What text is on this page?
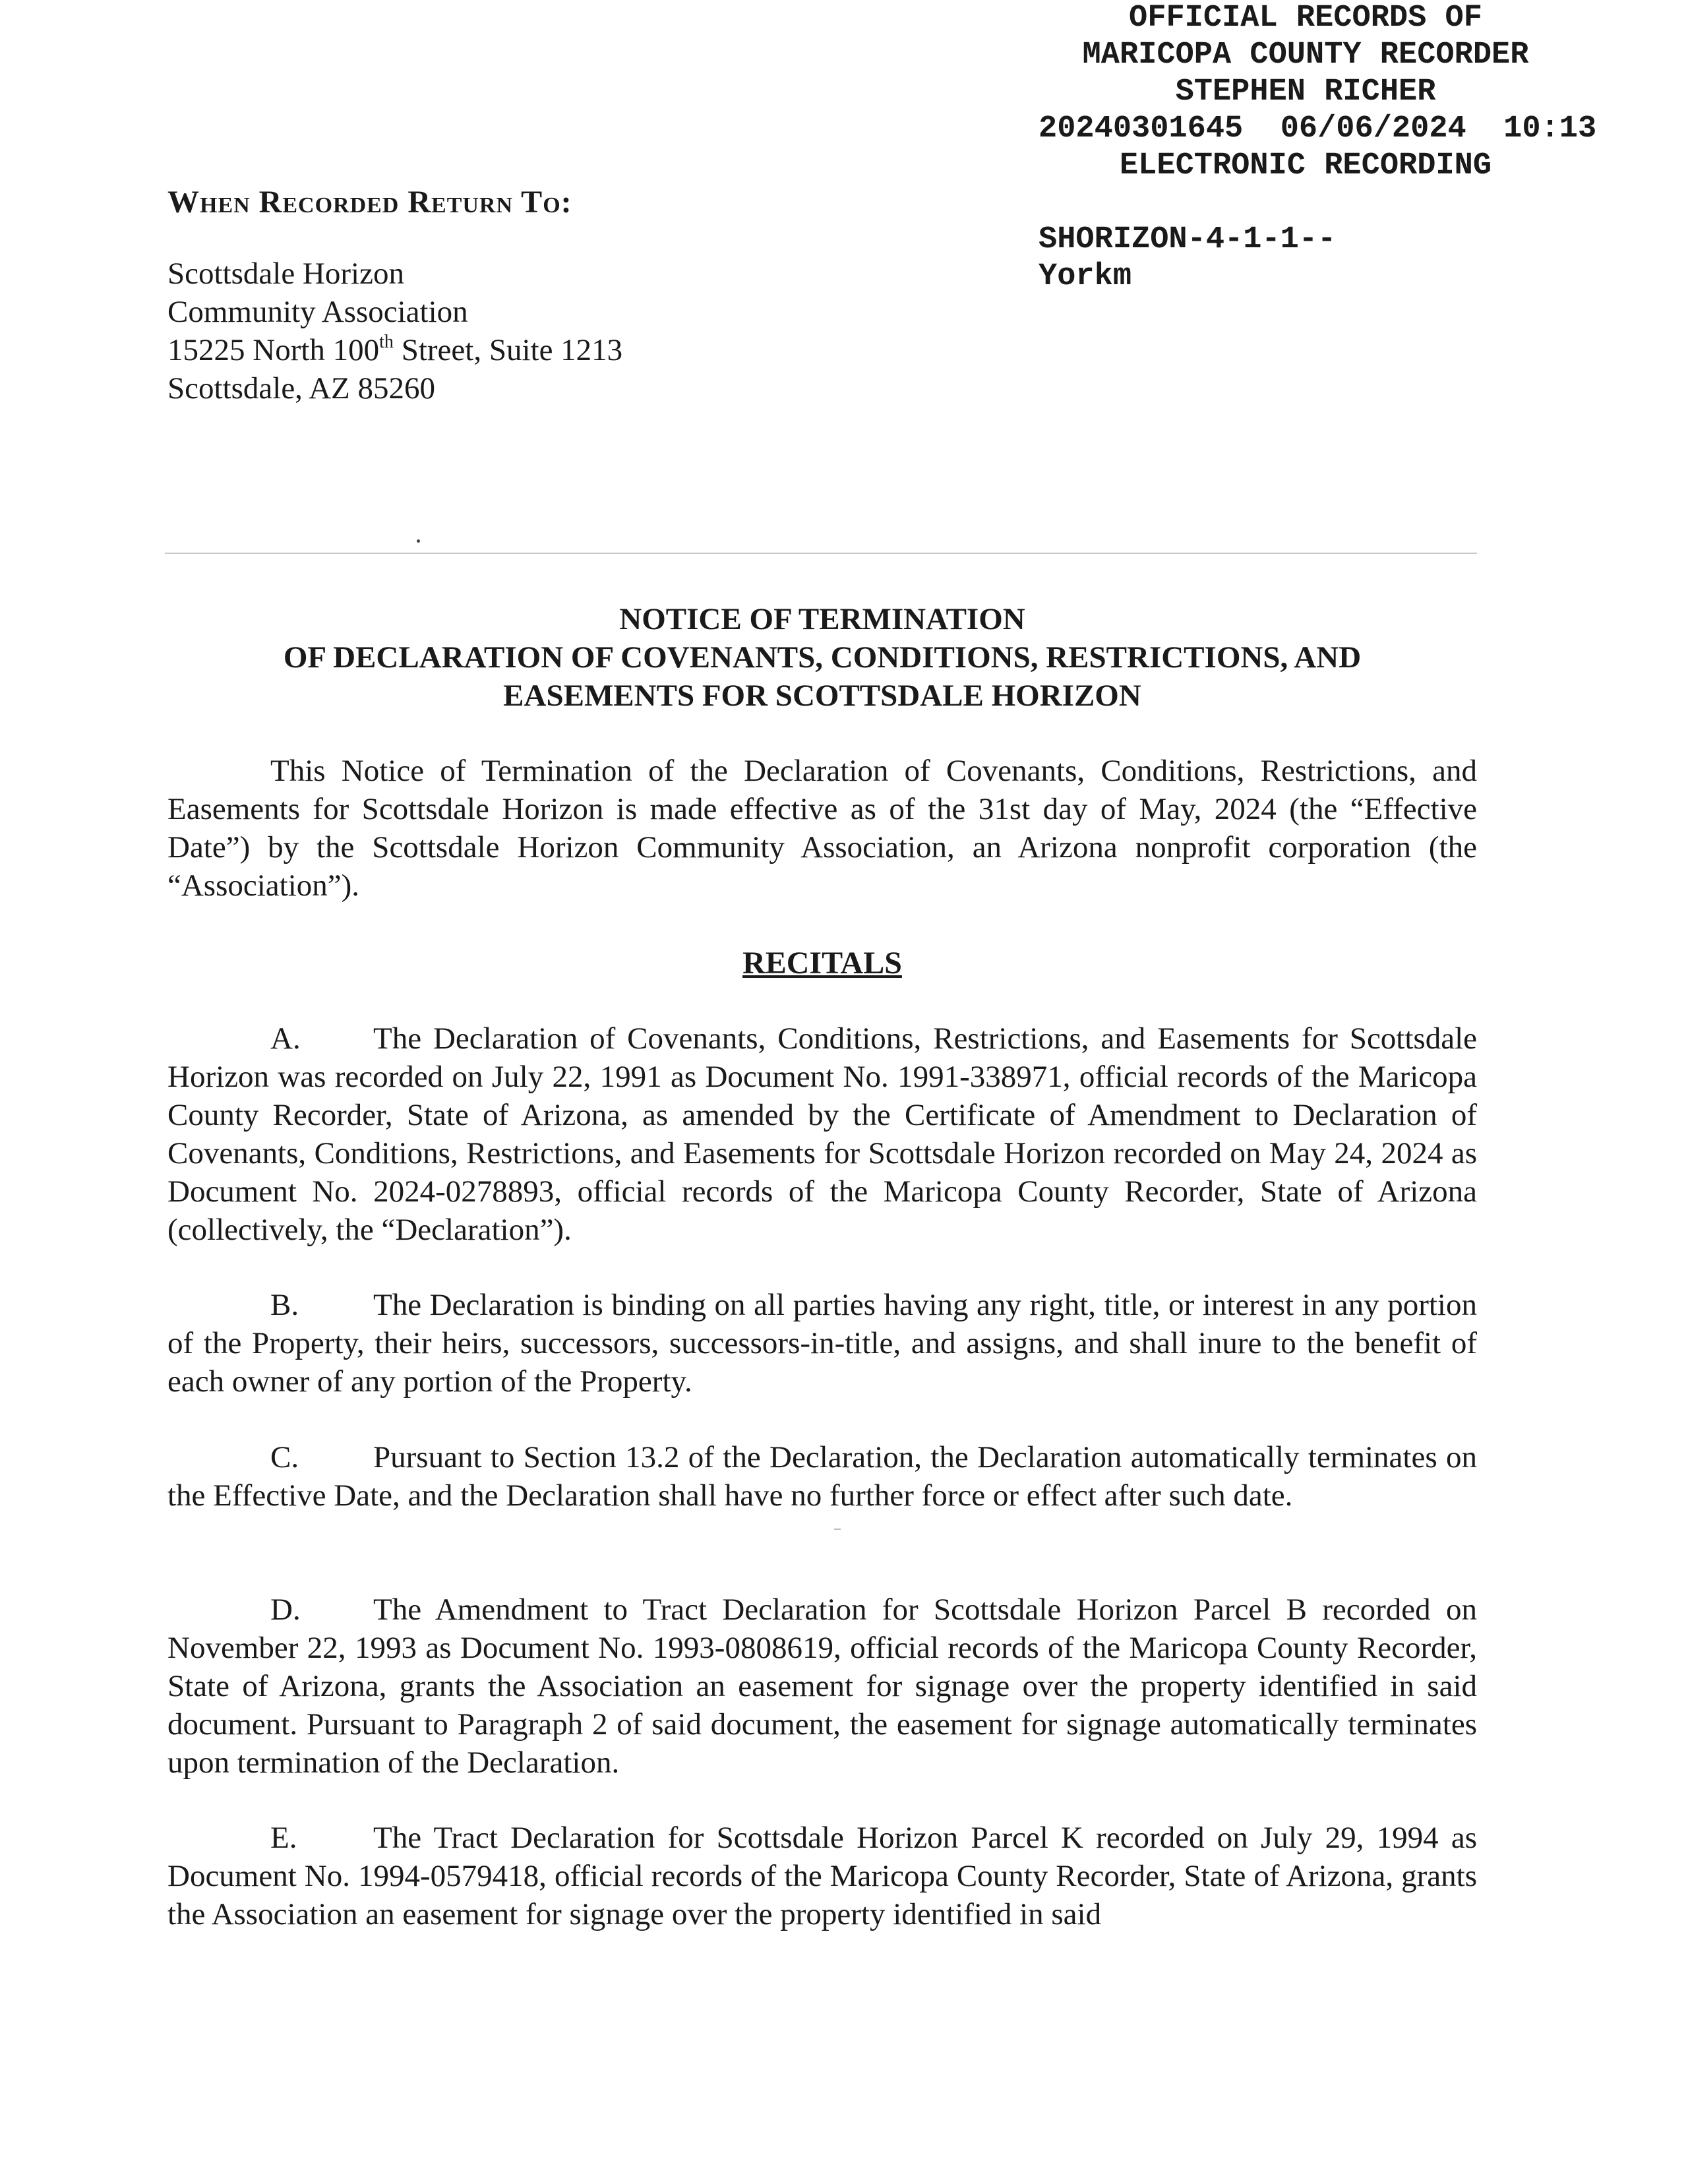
OFFICIAL RECORDS OF
MARICOPA COUNTY RECORDER
STEPHEN RICHER
20240301645 06/06/2024 10:13
ELECTRONIC RECORDING
SHORIZON-4-1-1--
Yorkm
When Recorded Return To:
Scottsdale Horizon
Community Association
15225 North 100th Street, Suite 1213
Scottsdale, AZ 85260
NOTICE OF TERMINATION
OF DECLARATION OF COVENANTS, CONDITIONS, RESTRICTIONS, AND
EASEMENTS FOR SCOTTSDALE HORIZON
This Notice of Termination of the Declaration of Covenants, Conditions, Restrictions, and Easements for Scottsdale Horizon is made effective as of the 31st day of May, 2024 (the “Effective Date”) by the Scottsdale Horizon Community Association, an Arizona nonprofit corporation (the “Association”).
RECITALS
A. The Declaration of Covenants, Conditions, Restrictions, and Easements for Scottsdale Horizon was recorded on July 22, 1991 as Document No. 1991-338971, official records of the Maricopa County Recorder, State of Arizona, as amended by the Certificate of Amendment to Declaration of Covenants, Conditions, Restrictions, and Easements for Scottsdale Horizon recorded on May 24, 2024 as Document No. 2024-0278893, official records of the Maricopa County Recorder, State of Arizona (collectively, the “Declaration”).
B. The Declaration is binding on all parties having any right, title, or interest in any portion of the Property, their heirs, successors, successors-in-title, and assigns, and shall inure to the benefit of each owner of any portion of the Property.
C. Pursuant to Section 13.2 of the Declaration, the Declaration automatically terminates on the Effective Date, and the Declaration shall have no further force or effect after such date.
D. The Amendment to Tract Declaration for Scottsdale Horizon Parcel B recorded on November 22, 1993 as Document No. 1993-0808619, official records of the Maricopa County Recorder, State of Arizona, grants the Association an easement for signage over the property identified in said document. Pursuant to Paragraph 2 of said document, the easement for signage automatically terminates upon termination of the Declaration.
E. The Tract Declaration for Scottsdale Horizon Parcel K recorded on July 29, 1994 as Document No. 1994-0579418, official records of the Maricopa County Recorder, State of Arizona, grants the Association an easement for signage over the property identified in said
